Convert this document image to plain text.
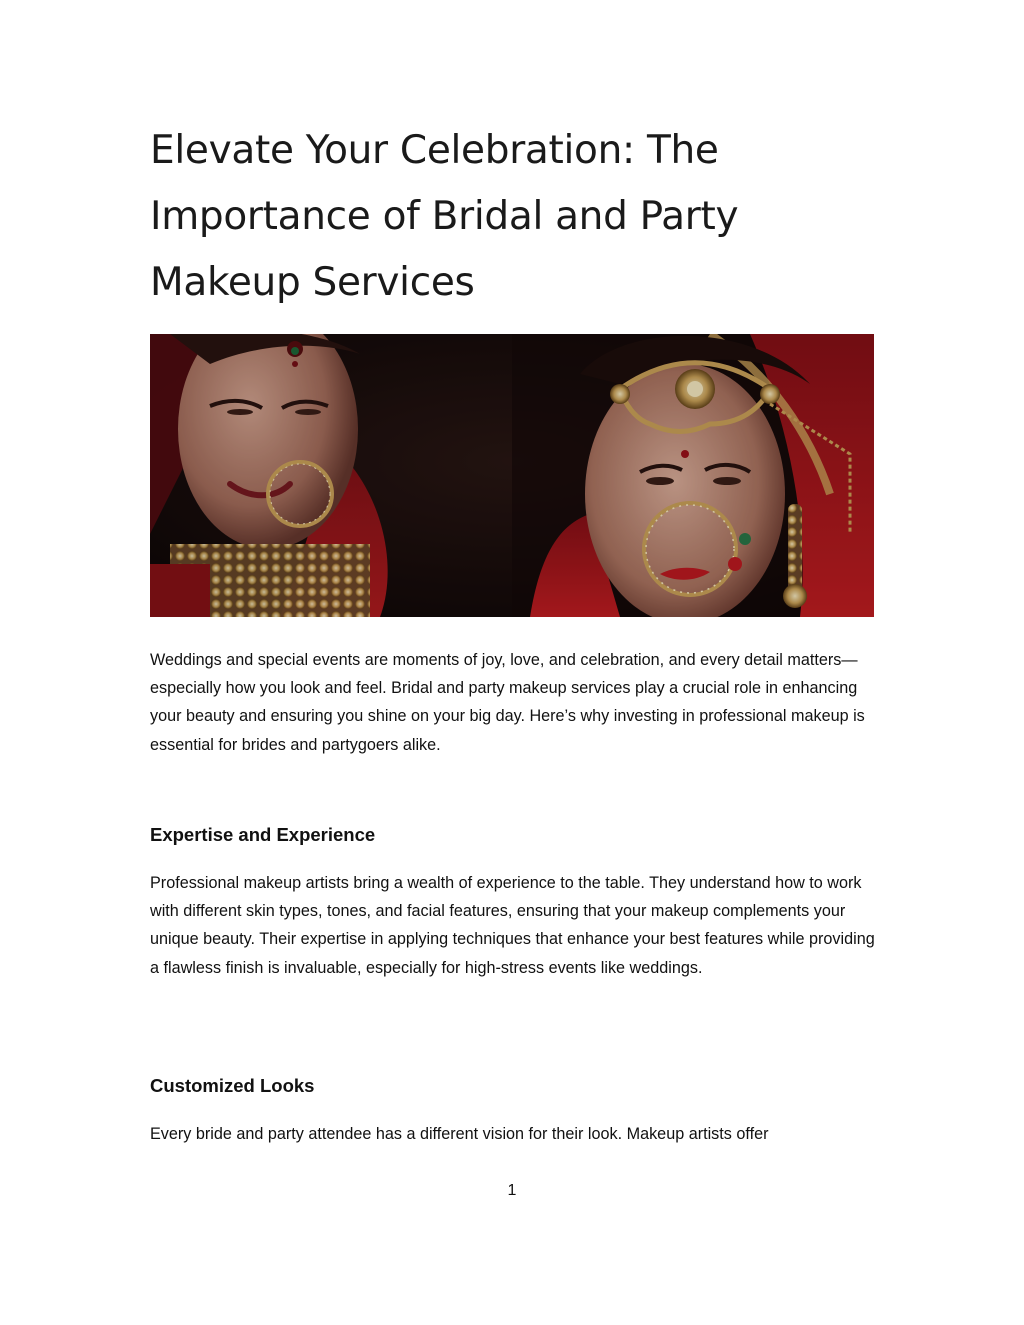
Elevate Your Celebration: The Importance of Bridal and Party Makeup Services

Weddings and special events are moments of joy, love, and celebration, and every detail matters—especially how you look and feel. Bridal and party makeup services play a crucial role in enhancing your beauty and ensuring you shine on your big day. Here’s why investing in professional makeup is essential for brides and partygoers alike.

Expertise and Experience

Professional makeup artists bring a wealth of experience to the table. They understand how to work with different skin types, tones, and facial features, ensuring that your makeup complements your unique beauty. Their expertise in applying techniques that enhance your best features while providing a flawless finish is invaluable, especially for high-stress events like weddings.

Customized Looks

Every bride and party attendee has a different vision for their look. Makeup artists offer

1
